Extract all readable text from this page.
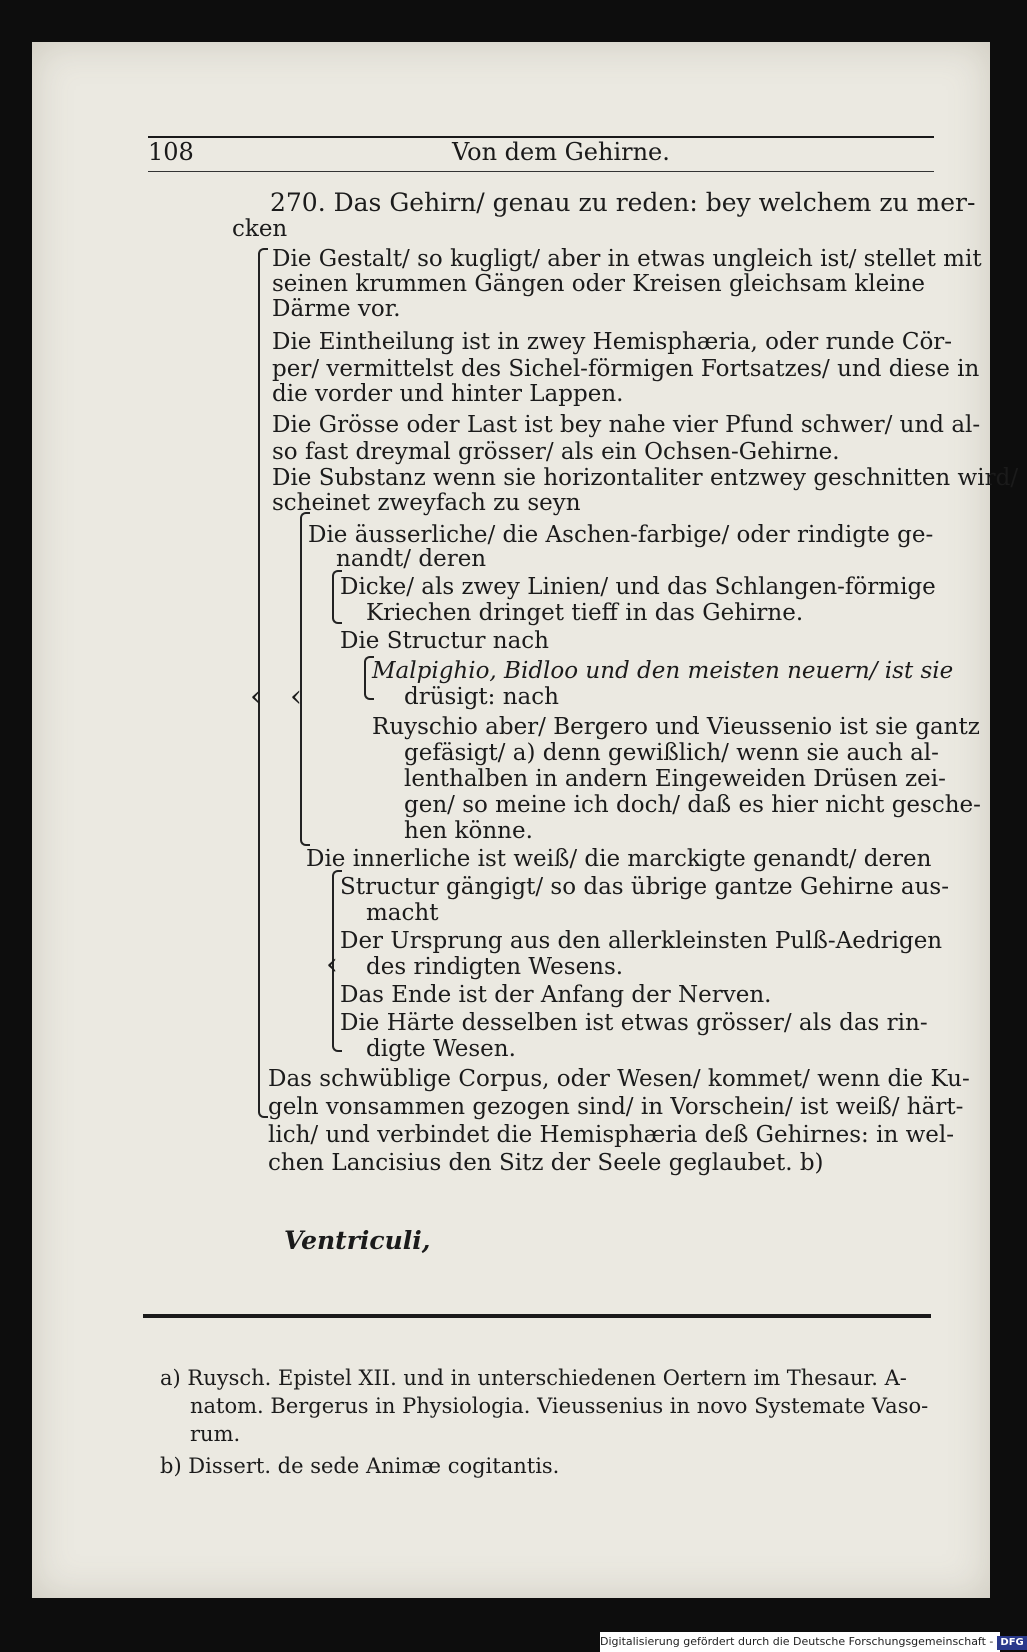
108	Von dem Gehirne.
‹ ‹
‹
270. Das Gehirn/ genau zu reden: bey welchem zu mer-
cken
Die Gestalt/ so kugligt/ aber in etwas ungleich ist/ stellet mit
seinen krummen Gängen oder Kreisen gleichsam kleine
Därme vor.
Die Eintheilung ist in zwey Hemisphæria, oder runde Cör-
per/ vermittelst des Sichel-förmigen Fortsatzes/ und diese in
die vorder und hinter Lappen.
Die Grösse oder Last ist bey nahe vier Pfund schwer/ und al-
so fast dreymal grösser/ als ein Ochsen-Gehirne.
Die Substanz wenn sie horizontaliter entzwey geschnitten wird/
scheinet zweyfach zu seyn
Die äusserliche/ die Aschen-farbige/ oder rindigte ge-
nandt/ deren
Dicke/ als zwey Linien/ und das Schlangen-förmige
Kriechen dringet tieff in das Gehirne.
Die Structur nach
Malpighio, Bidloo und den meisten neuern/ ist sie
drüsigt: nach
Ruyschio aber/ Bergero und Vieussenio ist sie gantz
gefäsigt/ a) denn gewißlich/ wenn sie auch al-
lenthalben in andern Eingeweiden Drüsen zei-
gen/ so meine ich doch/ daß es hier nicht gesche-
hen könne.
Die innerliche ist weiß/ die marckigte genandt/ deren
Structur gängigt/ so das übrige gantze Gehirne aus-
macht
Der Ursprung aus den allerkleinsten Pulß-Aedrigen
des rindigten Wesens.
Das Ende ist der Anfang der Nerven.
Die Härte desselben ist etwas grösser/ als das rin-
digte Wesen.
Das schwüblige Corpus, oder Wesen/ kommet/ wenn die Ku-
geln vonsammen gezogen sind/ in Vorschein/ ist weiß/ härt-
lich/ und verbindet die Hemisphæria deß Gehirnes: in wel-
chen Lancisius den Sitz der Seele geglaubet. b)
Ventriculi,
a) Ruysch. Epistel XII. und in unterschiedenen Oertern im Thesaur. A-
natom. Bergerus in Physiologia. Vieussenius in novo Systemate Vaso-
rum.
b) Dissert. de sede Animæ cogitantis.
Digitalisierung gefördert durch die Deutsche Forschungsgemeinschaft - DFG
